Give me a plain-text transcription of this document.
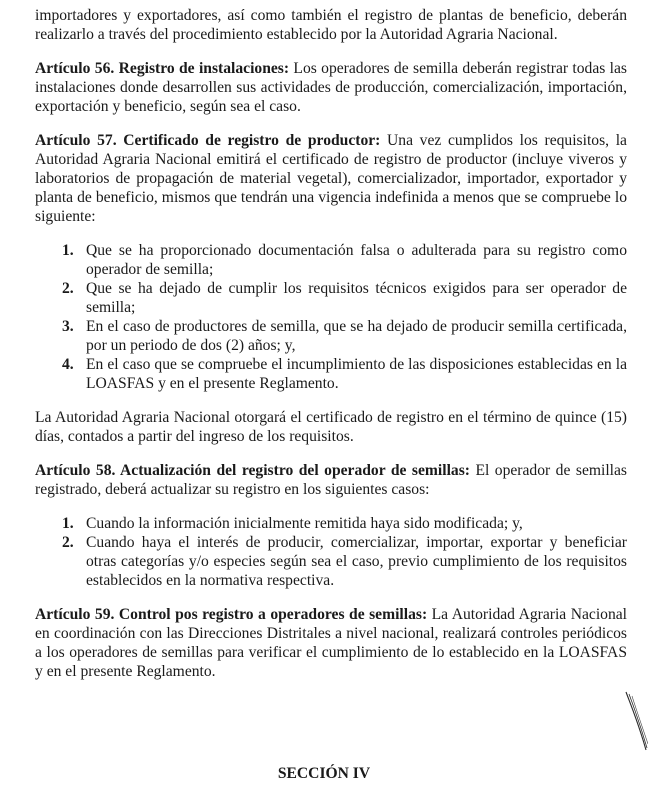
importadores y exportadores, así como también el registro de plantas de beneficio, deberán realizarlo a través del procedimiento establecido por la Autoridad Agraria Nacional.

Artículo 56. Registro de instalaciones: Los operadores de semilla deberán registrar todas las instalaciones donde desarrollen sus actividades de producción, comercialización, importación, exportación y beneficio, según sea el caso.

Artículo 57. Certificado de registro de productor: Una vez cumplidos los requisitos, la Autoridad Agraria Nacional emitirá el certificado de registro de productor (incluye viveros y laboratorios de propagación de material vegetal), comercializador, importador, exportador y planta de beneficio, mismos que tendrán una vigencia indefinida a menos que se compruebe lo siguiente:

1. Que se ha proporcionado documentación falsa o adulterada para su registro como operador de semilla;
2. Que se ha dejado de cumplir los requisitos técnicos exigidos para ser operador de semilla;
3. En el caso de productores de semilla, que se ha dejado de producir semilla certificada, por un periodo de dos (2) años; y,
4. En el caso que se compruebe el incumplimiento de las disposiciones establecidas en la LOASFAS y en el presente Reglamento.

La Autoridad Agraria Nacional otorgará el certificado de registro en el término de quince (15) días, contados a partir del ingreso de los requisitos.

Artículo 58. Actualización del registro del operador de semillas: El operador de semillas registrado, deberá actualizar su registro en los siguientes casos:

1. Cuando la información inicialmente remitida haya sido modificada; y,
2. Cuando haya el interés de producir, comercializar, importar, exportar y beneficiar otras categorías y/o especies según sea el caso, previo cumplimiento de los requisitos establecidos en la normativa respectiva.

Artículo 59. Control pos registro a operadores de semillas: La Autoridad Agraria Nacional en coordinación con las Direcciones Distritales a nivel nacional, realizará controles periódicos a los operadores de semillas para verificar el cumplimiento de lo establecido en la LOASFAS y en el presente Reglamento.

SECCIÓN IV
